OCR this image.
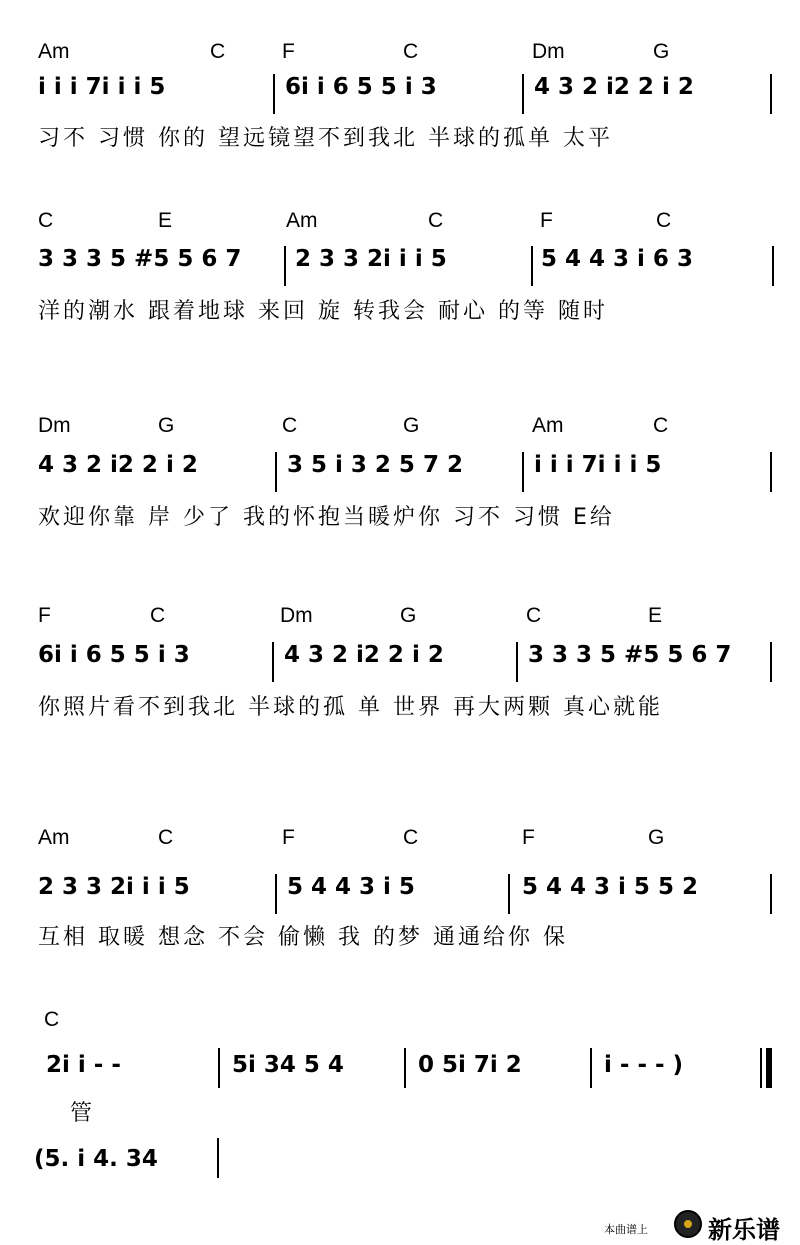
Am	C	F	C	Dm	G
i i i 7i i i 5	6i i 6 5 5 i 3	4 3 2 i2 2 i 2
习不 习惯 你的 望远镜望不到我北 半球的孤单 太平
C	E	Am	C	F	C
3 3 3 5 #5 5 6 7 2 3 3 2i i i 5	5 4 4 3 i 6 3
洋的潮水 跟着地球 来回 旋 转我会 耐心 的等 随时
Dm	G	C	G	Am	C
4 3 2 i2 2 i 2	3 5 i 3 2 5 7 2	i i i 7i i i 5
欢迎你靠 岸 少了 我的怀抱当暖炉你 习不 习惯 E给
F	C	Dm	G	C	E
6i i 6 5 5 i 3	4 3 2 i2 2 i 2	3 3 3 5 #5 5 6 7
你照片看不到我北 半球的孤 单 世界 再大两颗 真心就能
Am	C	F	C	F	G
2 3 3 2i i i 5	5 4 4 3 i 5	5 4 4 3 i 5 5 2
互相 取暖 想念 不会 偷懒 我 的梦 通通给你 保
C
2i i - -	5i 34 5 4	0 5i 7i 2	i - - - )
管
(5. i 4. 34
本曲谱上	新乐谱
